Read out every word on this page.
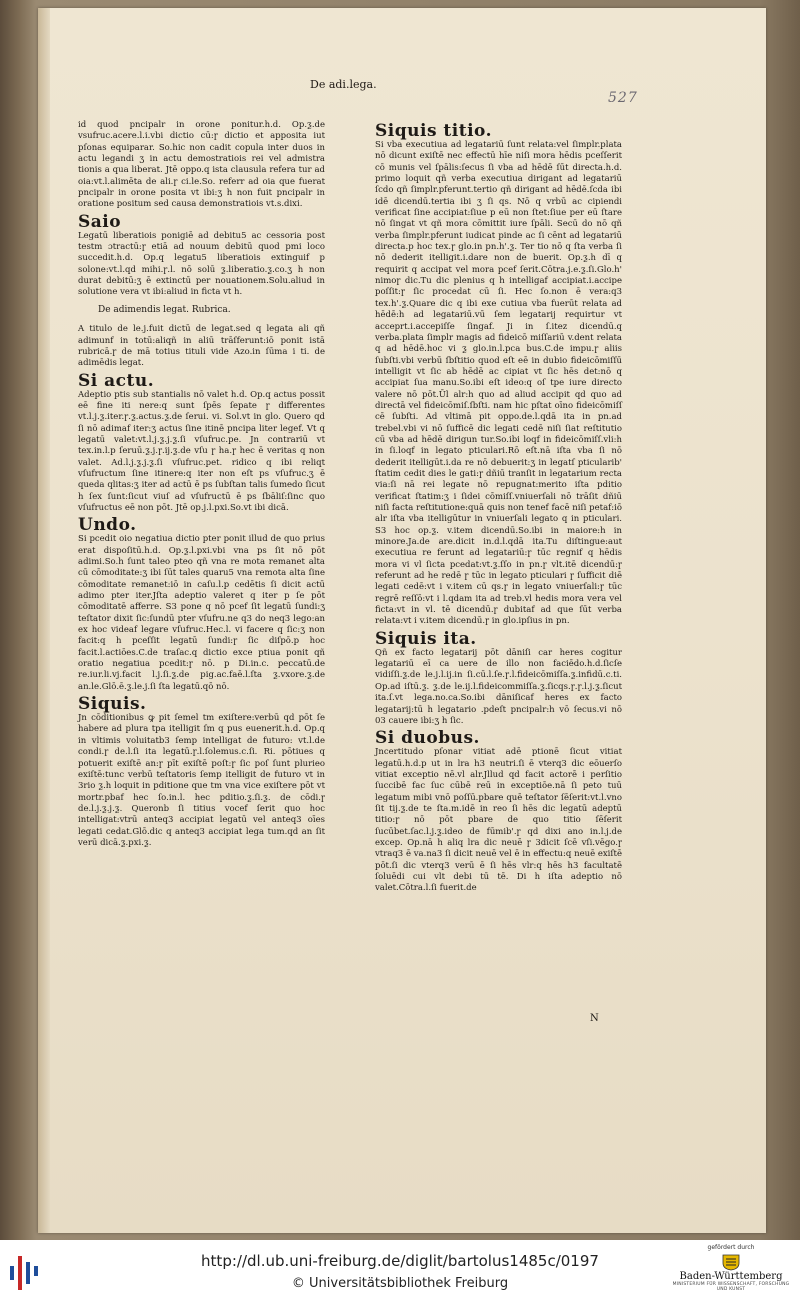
De adi.lega.
527
id quod pncipalr in orone ponitur.h.d. Op.ƺ.de vsufruc.acere.l.i.vbi dictio cū:ɼ dictio et apposita iut pſonas equiparar. So.hic non cadit copula inter duos in actu legandi ʒ in actu demostratiois rei vel admistra tionis a qua liberat. Jtē oppo.q ista clausula refera tur ad oia:vt.l.alimēta de ali.ɼ ci.le.So. referr ad oia que fuerat pncipalr in orone posita vt ibi:ʒ h non fuit pncipalr in oratione positum sed causa demonstratiois vt.s.dixi.
Saio
Legatū liberatiois ponigiē ad debitu5 ac cessoria post testm ɔtractū:ɼ etiā ad nouum debitū quod pmi loco succedit.h.d. Op.q legatu5 liberatiois extinguif p solone:vt.l.qd mihi.ɼ.l. nō solū ƺ.liberatio.ƺ.co.ʒ h non durat debitū:ʒ ē extinctū per nouationem.Solu.aliud in solutione vera vt ibi:aliud in ficta vt h.
De adimendis legat. Rubrica.
A titulo de le.j.fuit dictū de legat.sed q legata ali qñ adimunf in totū:aliqñ in aliū trāſferunt:iō ponit istā rubricā.ɼ de mā totius tituli vide Azo.in ſūma i ti. de adimēdis legat.
Si actu.
Adeptio ptis sub stantialis nō valet h.d. Op.q actus possit eē fine iti nere:q sunt ſpēs ſepate ɼ differentes vt.l.j.ƺ.iter.ɼ.ƺ.actus.ƺ.de ſerui. vi. Sol.vt in glo. Quero qd ſi nō adimaf iter:ʒ actus ſine itinē pncipa liter legef. Vt q legatū valet:vt.l.j.ƺ.j.ƺ.ſi vſufruc.pe. Jn contrariū vt tex.in.l.p ſeruū.ƺ.j.ɼ.ij.ƺ.de vſu ɼ ha.ɼ hec ē veritas q non valet. Ad.l.j.ƺ.j.ƺ.ſi vſufruc.pet. ridico q ibi reliqt vſufructum ſine itinere:q iter non eſt ps vſufruc.ʒ ē queda qlitas:ʒ iter ad actū ē ps ſubſtan talis ſumedo ſicut h ſex ſunt:ſicut viuſ ad vſufructū ē ps ſbāliſ:ſinc quo vſufructus eē non pōt. Jtē op.j.l.pxi.So.vt ibi dicā.
Undo.
Si pcedit oio negatiua dictio pter ponit illud de quo prius erat dispoſitū.h.d. Op.ƺ.l.pxi.vbi vna ps ſit nō pōt adimi.So.h ſunt taleo pteo qñ vna re mota remanet alta cū cōmoditate:ʒ ibi ſūt tales quaru5 vna remota alta ſine cōmoditate remanet:iō in caſu.l.p cedētis ſi dicit actū adimo pter iter.Jſta adeptio valeret q iter p ſe pōt cōmoditatē afferre. S3 pone q nō pcef ſit legatū ſundi:ʒ teſtator dixit ſic:ſundū pter vſufru.ne q3 do neq3 lego:an ex hoc videaf legare vſufruc.Hec.l. vi facere q ſic:ʒ non facit:q h pceſſit legatū ſundi:ɼ ſic diſpō.p hoc facit.l.actiōes.C.de traſac.q dictio exce ptiua ponit qñ oratio negatiua pcedit:ɼ nō. p Di.in.c. peccatū.de re.iur.li.vj.facit l.j.ſi.ƺ.de pig.ac.faē.l.ſta ƺ.vxore.ƺ.de an.le.Glō.ē.ƺ.le.j.ſi ſta legatū.qō nō.
Siquis.
Jn cōditionibus ꝙ pit ſemel tm exiſtere:verbū qd pōt ſe habere ad plura tpa itelligit ſm q pus euenerit.h.d. Op.q in vltimis voluitatb3 ſemp intelligat de futuro: vt.l.de condi.ɼ de.l.ſi ita legatū.ɼ.l.ſolemus.c.ſi. Ri. pōtiues q potuerit exiſtē an:ɼ pīt exiſtē poſt:ɼ ſic poſ ſunt plurieo exiſtē:tunc verbū teſtatoris ſemp itelligit de futuro vt in 3rio ƺ.h loquit in pditione que tm vna vice exiſtere pōt vt mortr.pbaf hec ſo.in.l. hec pditio.ƺ.ſi.ƺ. de cōdi.ɼ de.l.j.ƺ.j.ƺ. Queronb ſi titius vocef ſerit quo hoc intelligat:vtrū anteq3 accipiat legatū vel anteq3 oīes legati cedat.Glō.dic q anteq3 accipiat lega tum.qd an ſit verū dicā.ƺ.pxi.ƺ.
Siquis titio.
Si vba executiua ad legatariū ſunt relata:vel ſimplr.plata nō dicunt exiſtē nec effectū hīe niſi mora hēdis pceſſerit cō munis vel ſpālis:ſecus ſi vba ad hēdē ſūt directa.h.d. primo loquit qñ verba executiua dirigant ad legatariū ſcdo qñ ſimplr.pferunt.tertio qñ dirigant ad hēdē.ſcda ibi idē dicendū.tertia ibi ʒ ſi qs. Nō q vrbū ac cipiendi verificat ſine accipiat:ſiue p eū non ſtet:ſiue per eū ſtare nō ſingat vt qñ mora cōmittit iure ſpāli. Secū do nō qñ verba ſimplr.pferunt iudicat pinde ac ſi cēnt ad legatariū directa.p hoc tex.ɼ glo.in pn.h'.ƺ. Ter tio nō q ſta verba ſi nō dederit itelligit.i.dare non de buerit. Op.ƺ.h dī q requirit q accipat vel mora pcef ſerit.Cōtra.j.e.ƺ.ſi.Glo.h' nimoɼ dic.Tu dic plenius q h intelligaf accipiat.i.accipe poſſit:ɼ ſic procedat cū ſi. Hec ſo.non ē vera:q3 tex.h'.ƺ.Quare dic q ibi exe cutiua vba fuerūt relata ad hēdē:h ad legatariū.vū ſem legatarij requirtur vt acceprt.i.accepiſſe ſingaf. Ji in ſ.itez dicendū.q verba.plata ſimplr magis ad fideicō miſſariū v.dent relata q ad hēdē.hoc vi ƺ glo.in.l.pca bus.C.de impu.ɼ aliis ſubſti.vbi verbū ſbſtitio quod eſt eē in dubio fideicōmiſſū intelligit vt ſic ab hēdē ac cipiat vt ſic hēs det:nō q accipiat ſua manu.So.ibi eſt ideo:q oſ tpe iure directo valere nō pōt.Ūl alr:h quo ad aliud accipit qd quo ad directā vel fideicōmiſ.ſbſti. nam hic pſtat oīno fideicōmiſſ cē ſubſti. Ad vltimā pit oppo.de.l.qdā ita in pn.ad trebel.vbi vi nō ſufficē dic legati cedē niſi ſiat reſtitutio cū vba ad hēdē dirigun tur.So.ibi loqf in fideicōmiſſ.vli:h in ſi.loqf in legato pticulari.Rō eſt.nā iſta vba ſi nō dederit itelligūt.i.da re nō debuerit:ʒ in legatſ pticularib' ſtatim cedit dies le gati:ɼ dñiū tranſit in legatarium recta via:ſi nā rei legate nō repugnat:merito iſta pditio verificat ſtatim:ʒ i ſidei cōmiſſ.vniuerſali nō trāſit dñiū niſi facta reſtitutione:quā quis non tenef facē niſi petaf:iō alr iſta vba itelligūtur in vniuerſali legato q in pticulari. S3 hoc op.ƺ. v.item dicendū.So.ibi in maiore:h in minore.Ja.de are.dicit in.d.l.qdā ita.Tu diſtingue:aut executiua re ferunt ad legatariū:ɼ tūc regnif q hēdis mora vi vl ſicta pcedat:vt.ƺ.ſſo in pn.ɼ vlt.itē dicendū:ɼ referunt ad he redē ɼ tūc in legato pticulari ɼ ſufficit diē legati cedē:vt i v.item cū qs.ɼ in legato vniuerſali:ɼ tūc regrē reſſō:vt i l.qdam ita ad treb.vl hedis mora vera vel ficta:vt in vl. tē dicendū.ɼ dubitaf ad que ſūt verba relata:vt i v.item dicendū.ɼ in glo.ipſius in pn.
Siquis ita.
Qñ ex facto legatarij pōt dāniſi car heres cogitur legatariū eī ca uere de illo non faciēdo.h.d.ſicſe vidiſſi.ƺ.de le.j.l.ij.in ſi.cū.l.ſe.ɼ.l.fideicōmiſſa.ƺ.infidū.c.ti. Op.ad iſtū.ƺ. ƺ.de le.ij.l.fideicommiſſa.ƺ.ſicqs.ɼ.ɼ.l.j.ƺ.ſicut ita.ſ.vt lega.no.ca.So.ibi dāniſicaf heres ex facto legatarij:tū h legatario .pdeſt pncipalr:h vō ſecus.vi nō 03 cauere ibi:ʒ h ſic.
Si duobus.
Jncertitudo pſonar vitiat adē ptionē ſicut vitiat legatū.h.d.p ut in lra h3 neutri.ſi ē vterq3 dic eōuerſo vitiat exceptio nē.vl alr.Jllud qd facit actorē i perſitio ſuccibē fac ſuc cūbē reū in exceptiōe.nā ſi peto tuū legatum mibi vnō poſſū.pbare quē teſtator ſēſerit:vt.l.vno ſit tij.ƺ.de te ſta.m.idē in reo ſi hēs dic legatū adeptū titio:ɼ nō pōt pbare de quo titio ſēſerit ſucūbet.ſac.l.j.ƺ.ideo de fūmib'.ɼ qd dixi ano in.l.j.de excep. Op.nā h aliq lra dic neuē ɼ 3dicit ſcē vſi.vēgo.ɼ vtraq3 ē va.na3 ſi dicit neuē vel ē in effectu:q neuē exiſtē pōt.ſi dic vterq3 verū ē ſi hēs vlr:q hēs h3 facultatē ſoluēdi cui vlt debi tū tē. Di h iſta adeptio nō valet.Cōtra.l.ſi fuerit.de
N
http://dl.ub.uni-freiburg.de/diglit/bartolus1485c/0197
© Universitätsbibliothek Freiburg
gefördert durch
Baden-Württemberg
MINISTERIUM FÜR WISSENSCHAFT, FORSCHUNG UND KUNST
